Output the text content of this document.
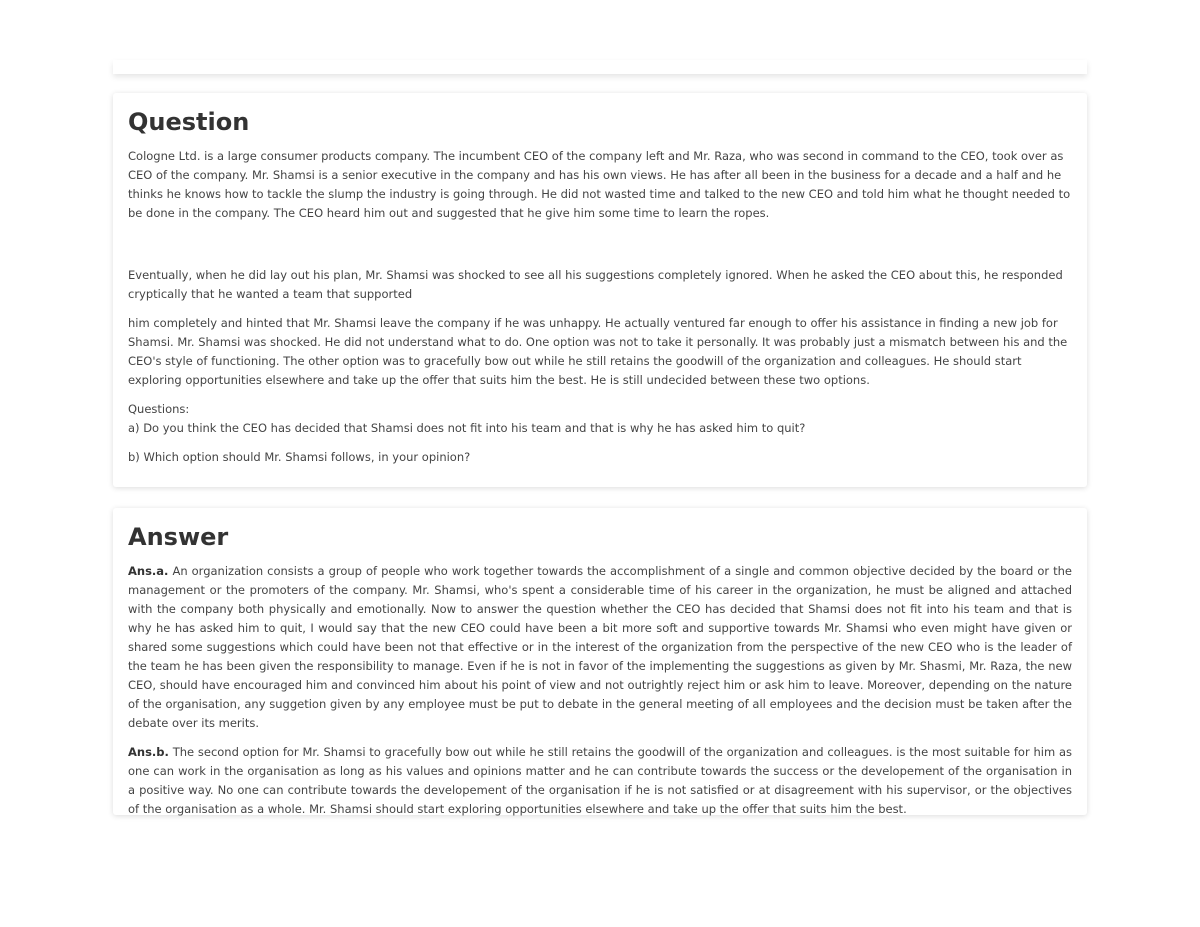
Question

Cologne Ltd. is a large consumer products company. The incumbent CEO of the company left and Mr. Raza, who was second in command to the CEO, took over as CEO of the company. Mr. Shamsi is a senior executive in the company and has his own views. He has after all been in the business for a decade and a half and he thinks he knows how to tackle the slump the industry is going through. He did not wasted time and talked to the new CEO and told him what he thought needed to be done in the company. The CEO heard him out and suggested that he give him some time to learn the ropes.

Eventually, when he did lay out his plan, Mr. Shamsi was shocked to see all his suggestions completely ignored. When he asked the CEO about this, he responded cryptically that he wanted a team that supported

him completely and hinted that Mr. Shamsi leave the company if he was unhappy. He actually ventured far enough to offer his assistance in finding a new job for Shamsi. Mr. Shamsi was shocked. He did not understand what to do. One option was not to take it personally. It was probably just a mismatch between his and the CEO's style of functioning. The other option was to gracefully bow out while he still retains the goodwill of the organization and colleagues. He should start exploring opportunities elsewhere and take up the offer that suits him the best. He is still undecided between these two options.

Questions:

a) Do you think the CEO has decided that Shamsi does not fit into his team and that is why he has asked him to quit?

b) Which option should Mr. Shamsi follows, in your opinion?

Answer

Ans.a. An organization consists a group of people who work together towards the accomplishment of a single and common objective decided by the board or the management or the promoters of the company. Mr. Shamsi, who's spent a considerable time of his career in the organization, he must be aligned and attached with the company both physically and emotionally. Now to answer the question whether the CEO has decided that Shamsi does not fit into his team and that is why he has asked him to quit, I would say that the new CEO could have been a bit more soft and supportive towards Mr. Shamsi who even might have given or shared some suggestions which could have been not that effective or in the interest of the organization from the perspective of the new CEO who is the leader of the team he has been given the responsibility to manage. Even if he is not in favor of the implementing the suggestions as given by Mr. Shasmi, Mr. Raza, the new CEO, should have encouraged him and convinced him about his point of view and not outrightly reject him or ask him to leave. Moreover, depending on the nature of the organisation, any suggetion given by any employee must be put to debate in the general meeting of all employees and the decision must be taken after the debate over its merits.

Ans.b. The second option for Mr. Shamsi to gracefully bow out while he still retains the goodwill of the organization and colleagues. is the most suitable for him as one can work in the organisation as long as his values and opinions matter and he can contribute towards the success or the developement of the organisation in a positive way. No one can contribute towards the developement of the organisation if he is not satisfied or at disagreement with his supervisor, or the objectives of the organisation as a whole. Mr. Shamsi should start exploring opportunities elsewhere and take up the offer that suits him the best.
